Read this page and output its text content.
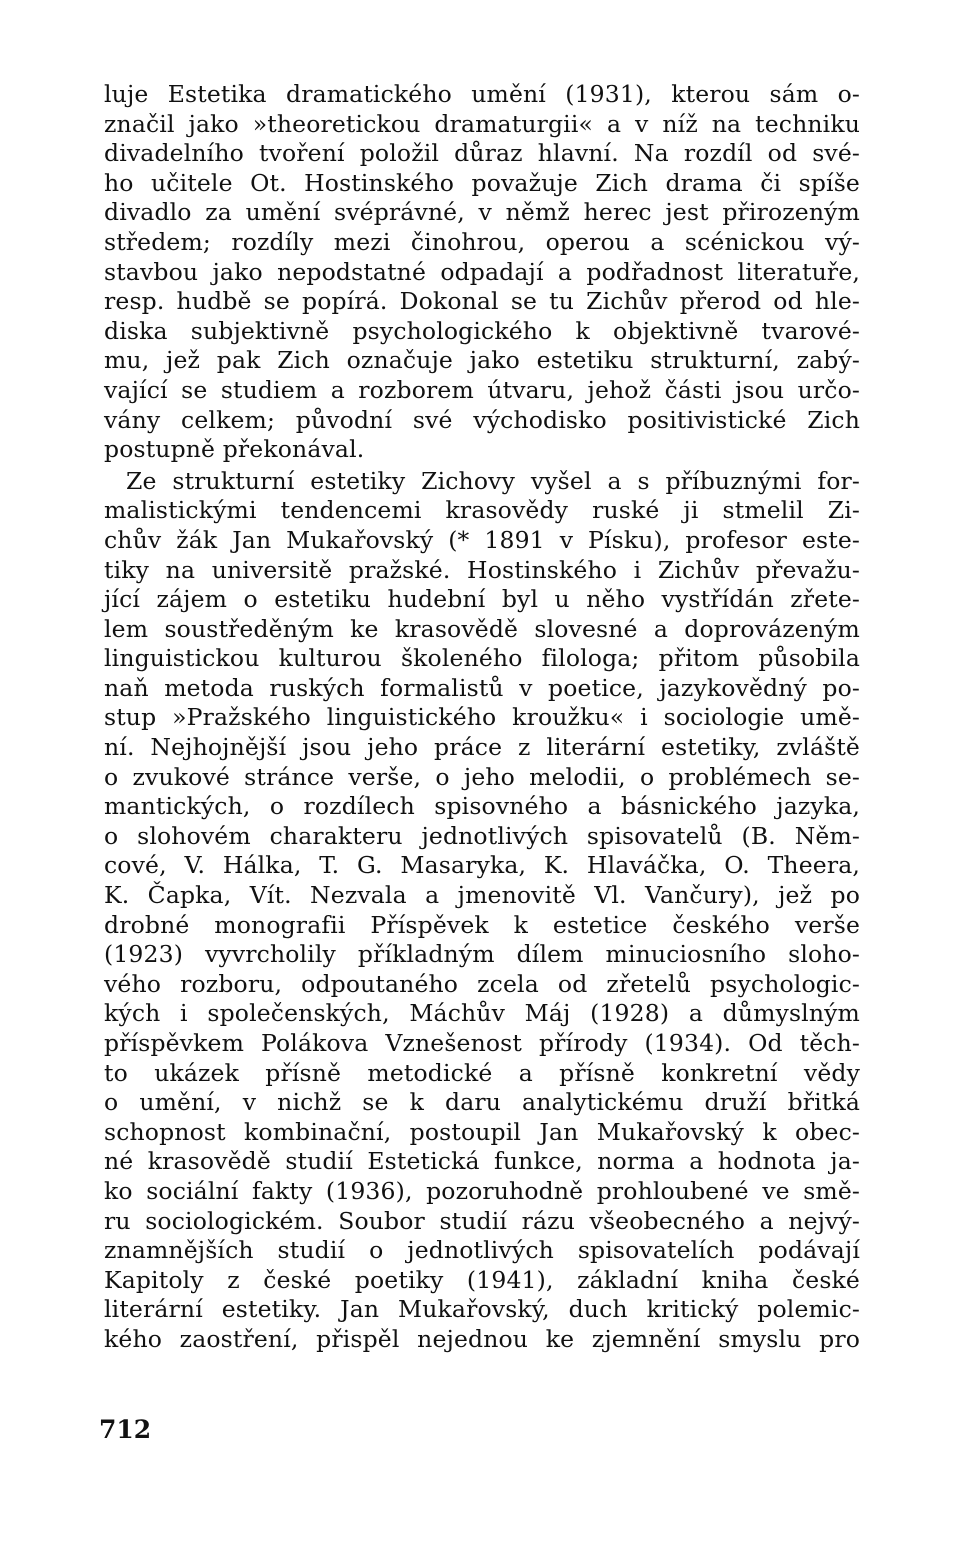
luje Estetika dramatického umění (1931), kterou sám o-
značil jako »theoretickou dramaturgii« a v níž na techniku
divadelního tvoření položil důraz hlavní. Na rozdíl od své-
ho učitele Ot. Hostinského považuje Zich drama či spíše
divadlo za umění svéprávné, v němž herec jest přirozeným
středem; rozdíly mezi činohrou, operou a scénickou vý-
stavbou jako nepodstatné odpadají a podřadnost literatuře,
resp. hudbě se popírá. Dokonal se tu Zichův přerod od hle-
diska subjektivně psychologického k objektivně tvarové-
mu, jež pak Zich označuje jako estetiku strukturní, zabý-
vající se studiem a rozborem útvaru, jehož části jsou určo-
vány celkem; původní své východisko positivistické Zich
postupně překonával.
Ze strukturní estetiky Zichovy vyšel a s příbuznými for-
malistickými tendencemi krasovědy ruské ji stmelil Zi-
chův žák Jan Mukařovský (* 1891 v Písku), profesor este-
tiky na universitě pražské. Hostinského i Zichův převažu-
jící zájem o estetiku hudební byl u něho vystřídán zřete-
lem soustředěným ke krasovědě slovesné a doprovázeným
linguistickou kulturou školeného filologa; přitom působila
naň metoda ruských formalistů v poetice, jazykovědný po-
stup »Pražského linguistického kroužku« i sociologie umě-
ní. Nejhojnější jsou jeho práce z literární estetiky, zvláště
o zvukové stránce verše, o jeho melodii, o problémech se-
mantických, o rozdílech spisovného a básnického jazyka,
o slohovém charakteru jednotlivých spisovatelů (B. Něm-
cové, V. Hálka, T. G. Masaryka, K. Hlaváčka, O. Theera,
K. Čapka, Vít. Nezvala a jmenovitě Vl. Vančury), jež po
drobné monografii Příspěvek k estetice českého verše
(1923) vyvrcholily příkladným dílem minuciosního sloho-
vého rozboru, odpoutaného zcela od zřetelů psychologic-
kých i společenských, Máchův Máj (1928) a důmyslným
příspěvkem Polákova Vznešenost přírody (1934). Od těch-
to ukázek přísně metodické a přísně konkretní vědy
o umění, v nichž se k daru analytickému druží břitká
schopnost kombinační, postoupil Jan Mukařovský k obec-
né krasovědě studií Estetická funkce, norma a hodnota ja-
ko sociální fakty (1936), pozoruhodně prohloubené ve smě-
ru sociologickém. Soubor studií rázu všeobecného a nejvý-
znamnějších studií o jednotlivých spisovatelích podávají
Kapitoly z české poetiky (1941), základní kniha české
literární estetiky. Jan Mukařovský, duch kritický polemic-
kého zaostření, přispěl nejednou ke zjemnění smyslu pro
712
